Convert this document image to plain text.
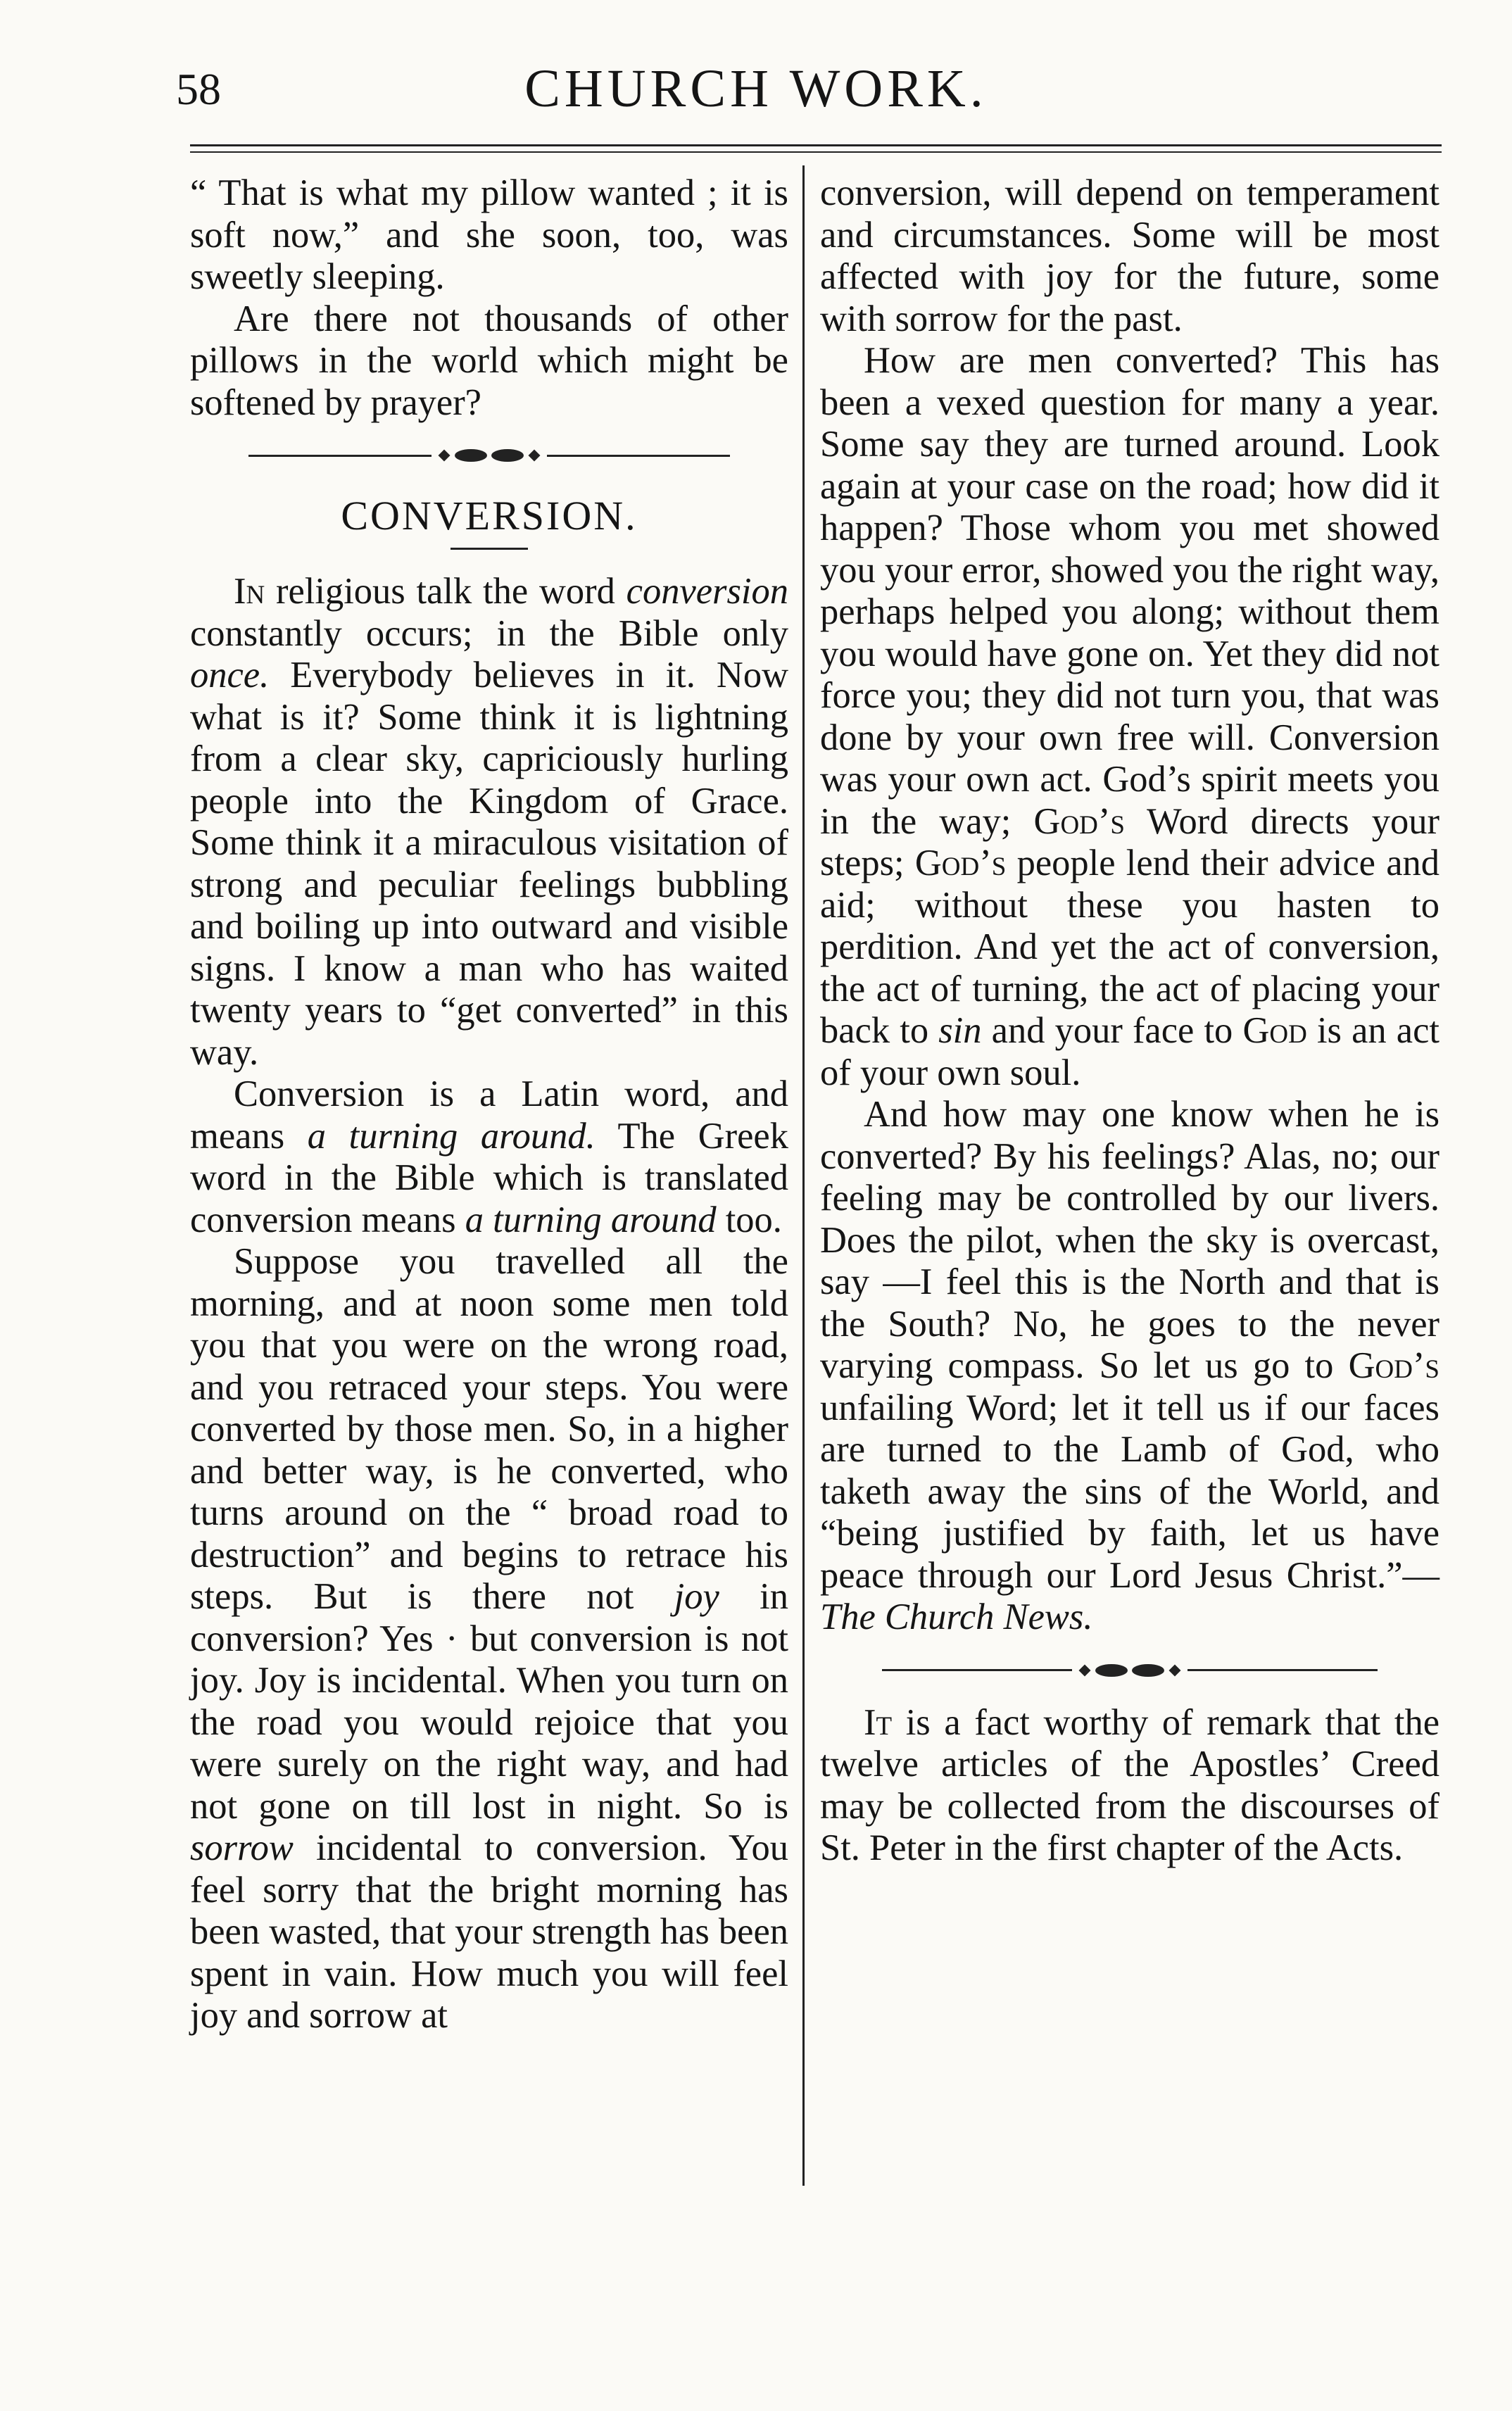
58	CHURCH WORK.

“ That is what my pillow wanted ; it is soft now,” and she soon, too, was sweetly sleeping.

Are there not thousands of other pillows in the world which might be softened by prayer?

CONVERSION.

In religious talk the word conversion constantly occurs; in the Bible only once. Everybody believes in it. Now what is it? Some think it is lightning from a clear sky, capriciously hurling people into the Kingdom of Grace. Some think it a miraculous visitation of strong and peculiar feelings bubbling and boiling up into outward and visible signs. I know a man who has waited twenty years to “get converted” in this way.

Conversion is a Latin word, and means a turning around. The Greek word in the Bible which is translated conversion means a turning around too.

Suppose you travelled all the morning, and at noon some men told you that you were on the wrong road, and you retraced your steps. You were converted by those men. So, in a higher and better way, is he converted, who turns around on the “ broad road to destruction” and begins to retrace his steps. But is there not joy in conversion? Yes · but conversion is not joy. Joy is incidental. When you turn on the road you would rejoice that you were surely on the right way, and had not gone on till lost in night. So is sorrow incidental to conversion. You feel sorry that the bright morning has been wasted, that your strength has been spent in vain. How much you will feel joy and sorrow at

conversion, will depend on temperament and circumstances. Some will be most affected with joy for the future, some with sorrow for the past.

How are men converted? This has been a vexed question for many a year. Some say they are turned around. Look again at your case on the road; how did it happen? Those whom you met showed you your error, showed you the right way, perhaps helped you along; without them you would have gone on. Yet they did not force you; they did not turn you, that was done by your own free will. Conversion was your own act. God’s spirit meets you in the way; God’s Word directs your steps; God’s people lend their advice and aid; without these you hasten to perdition. And yet the act of conversion, the act of turning, the act of placing your back to sin and your face to God is an act of your own soul.

And how may one know when he is converted? By his feelings? Alas, no; our feeling may be controlled by our livers. Does the pilot, when the sky is overcast, say —I feel this is the North and that is the South? No, he goes to the never varying compass. So let us go to God’s unfailing Word; let it tell us if our faces are turned to the Lamb of God, who taketh away the sins of the World, and “being justified by faith, let us have peace through our Lord Jesus Christ.”—The Church News.

It is a fact worthy of remark that the twelve articles of the Apostles’ Creed may be collected from the discourses of St. Peter in the first chapter of the Acts.
